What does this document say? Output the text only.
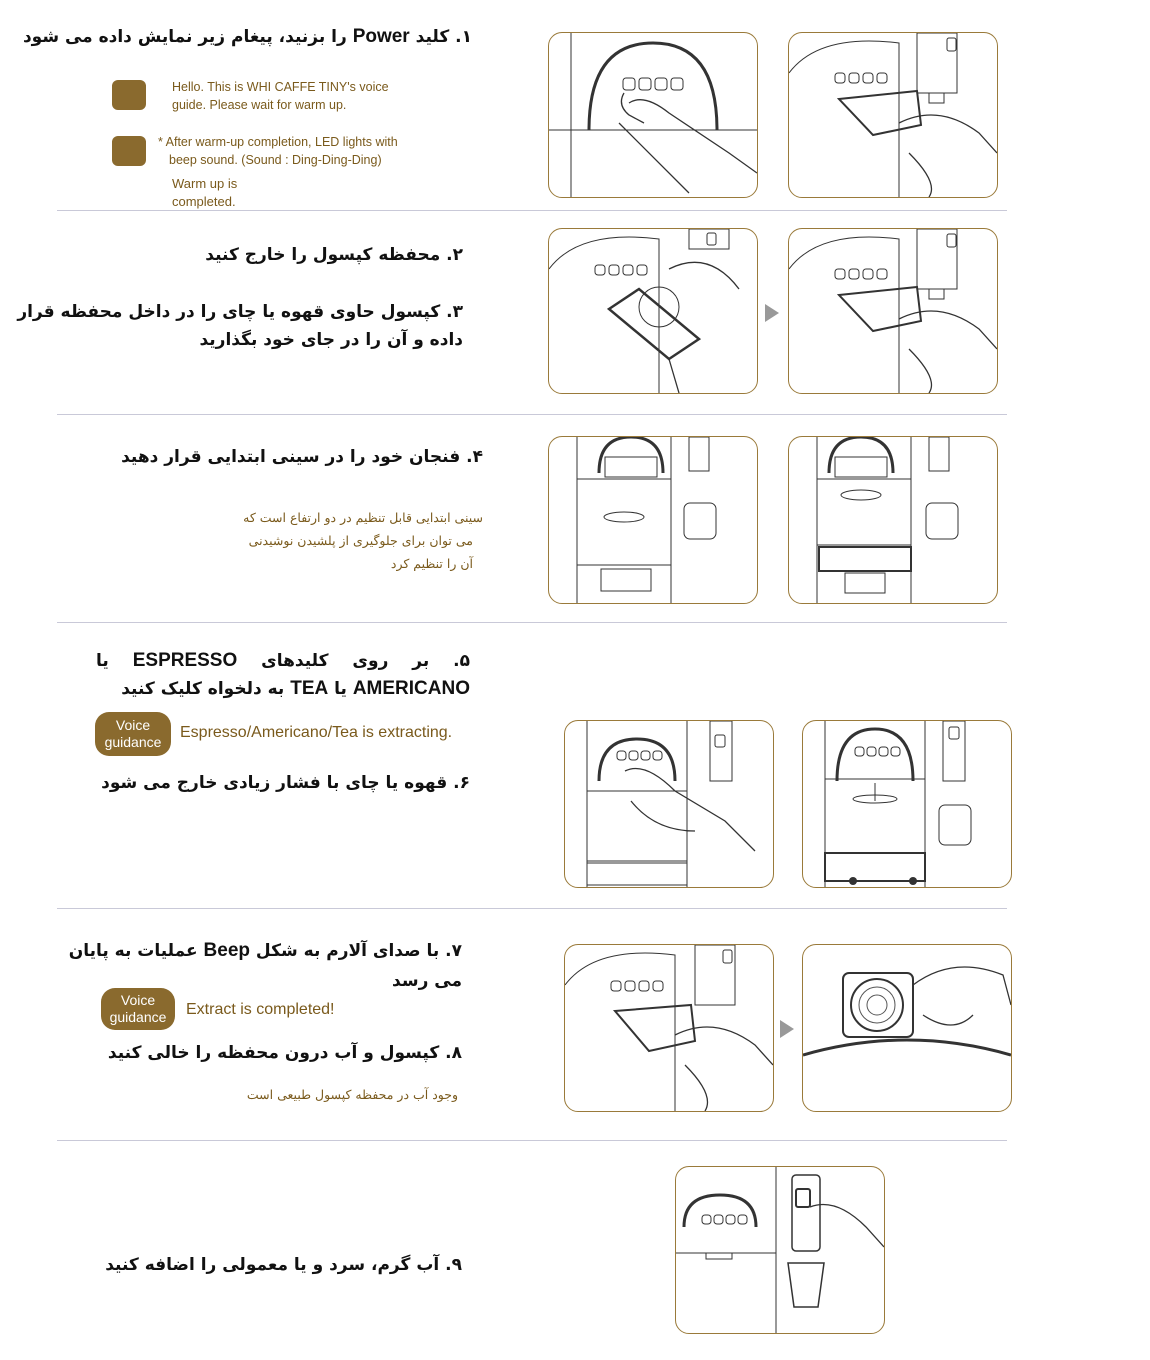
۱. کلید Power را بزنید، پیغام زیر نمایش داده می شود
Hello. This is WHI CAFFE TINY's voice
guide. Please wait for warm up.
* After warm-up completion, LED lights with
beep sound. (Sound : Ding-Ding-Ding)
Warm up is
completed.
۲. محفظه کپسول را خارج کنید
۳. کپسول حاوی قهوه یا چای را در داخل محفظه قرار
داده و آن را در جای خود بگذارید
۴. فنجان خود را در سینی ابتدایی قرار دهید
سینی ابتدایی قابل تنظیم در دو ارتفاع است که
می توان برای جلوگیری از پلشیدن نوشیدنی
آن را تنظیم کرد
۵.
بر
روی
کلیدهای
ESPRESSO
یا
AMERICANO یا TEA به دلخواه کلیک کنید
Voice guidance
Espresso/Americano/Tea is extracting.
۶. قهوه یا چای با فشار زیادی خارج می شود
۷. با صدای آلارم به شکل Beep عملیات به پایان
می رسد
Voice guidance	Extract is completed!
۸. کپسول و آب درون محفظه را خالی کنید
وجود آب در محفظه کپسول طبیعی است
۹. آب گرم، سرد و یا معمولی را اضافه کنید
